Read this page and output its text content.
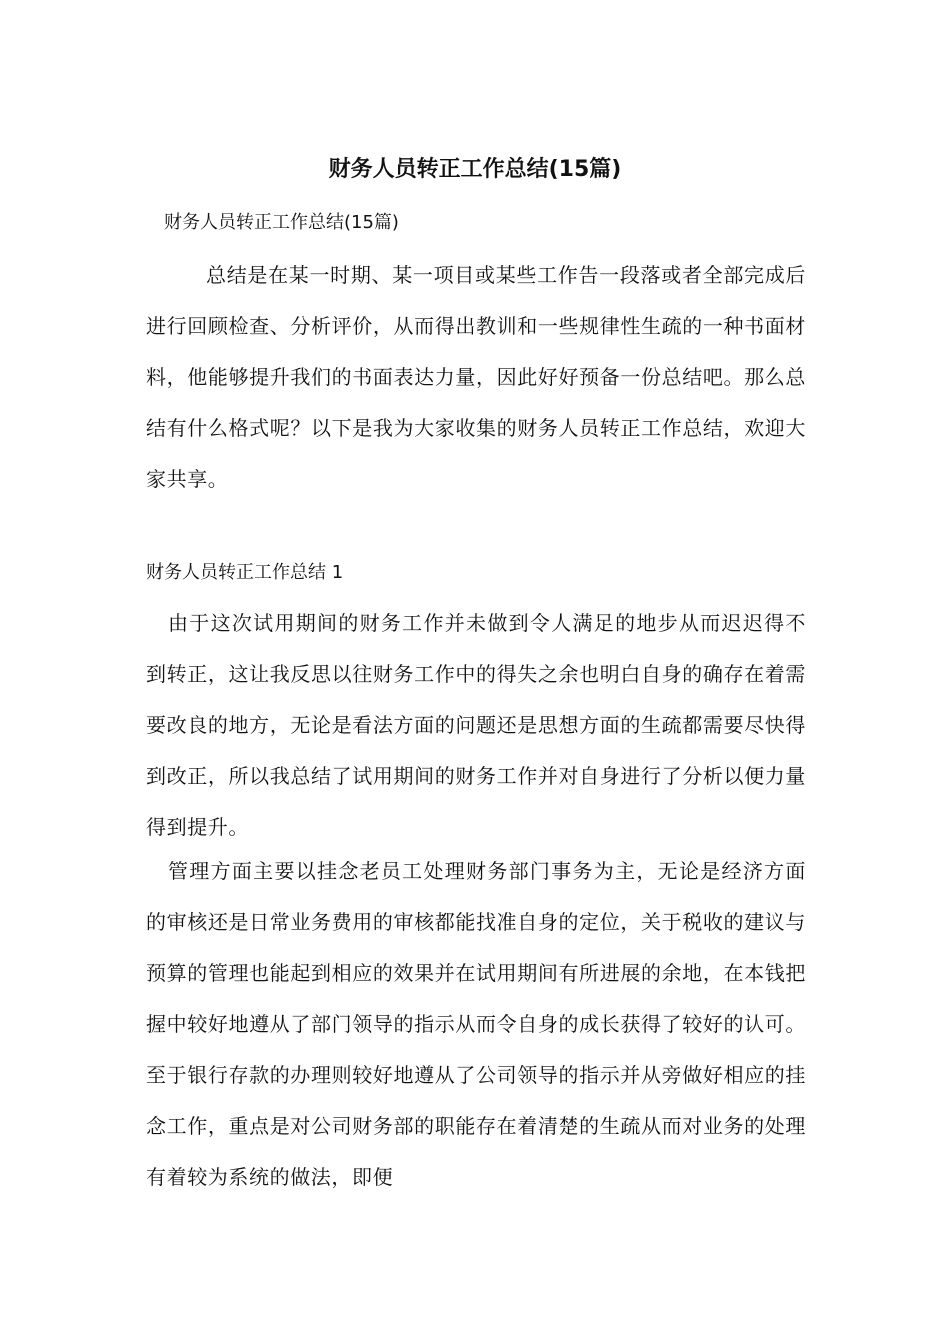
财务人员转正工作总结(15篇)
财务人员转正工作总结(15篇)

总结是在某一时期、某一项目或某些工作告一段落或者全部完成后进行回顾检查、分析评价，从而得出教训和一些规律性生疏的一种书面材料，他能够提升我们的书面表达力量，因此好好预备一份总结吧。那么总结有什么格式呢？以下是我为大家收集的财务人员转正工作总结，欢迎大家共享。

财务人员转正工作总结 1

由于这次试用期间的财务工作并未做到令人满足的地步从而迟迟得不到转正，这让我反思以往财务工作中的得失之余也明白自身的确存在着需要改良的地方，无论是看法方面的问题还是思想方面的生疏都需要尽快得到改正，所以我总结了试用期间的财务工作并对自身进行了分析以便力量得到提升。

管理方面主要以挂念老员工处理财务部门事务为主，无论是经济方面的审核还是日常业务费用的审核都能找准自身的定位，关于税收的建议与预算的管理也能起到相应的效果并在试用期间有所进展的余地，在本钱把握中较好地遵从了部门领导的指示从而令自身的成长获得了较好的认可。至于银行存款的办理则较好地遵从了公司领导的指示并从旁做好相应的挂念工作，重点是对公司财务部的职能存在着清楚的生疏从而对业务的处理有着较为系统的做法，即便
